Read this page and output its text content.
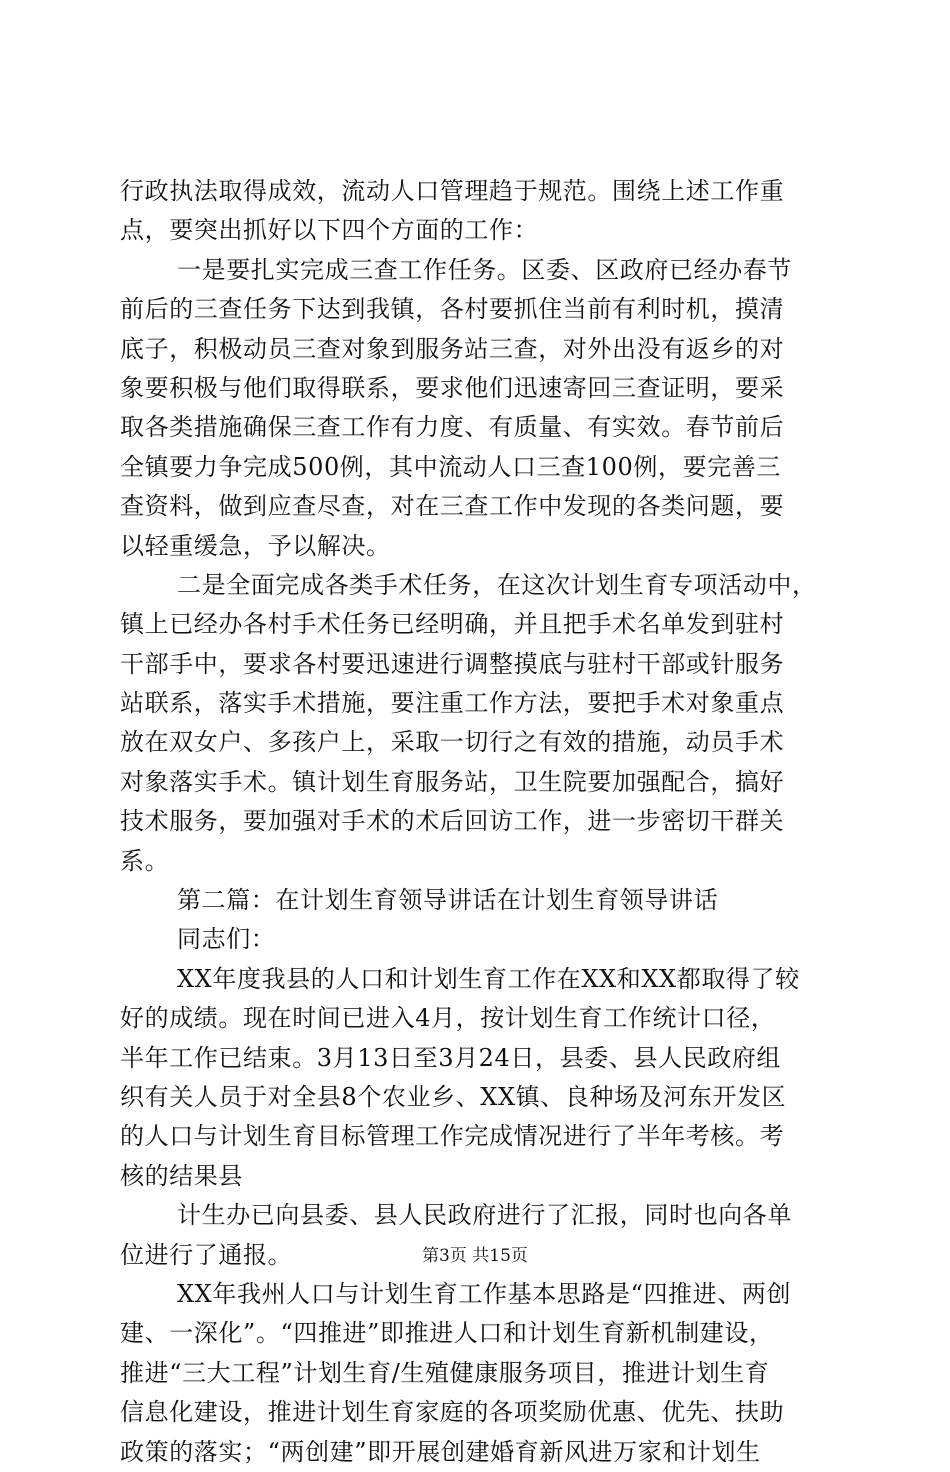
行政执法取得成效，流动人口管理趋于规范。围绕上述工作重
点，要突出抓好以下四个方面的工作：
一是要扎实完成三查工作任务。区委、区政府已经办春节
前后的三查任务下达到我镇，各村要抓住当前有利时机，摸清
底子，积极动员三查对象到服务站三查，对外出没有返乡的对
象要积极与他们取得联系，要求他们迅速寄回三查证明，要采
取各类措施确保三查工作有力度、有质量、有实效。春节前后
全镇要力争完成500例，其中流动人口三查100例，要完善三
查资料，做到应查尽查，对在三查工作中发现的各类问题，要
以轻重缓急，予以解决。
二是全面完成各类手术任务，在这次计划生育专项活动中，
镇上已经办各村手术任务已经明确，并且把手术名单发到驻村
干部手中，要求各村要迅速进行调整摸底与驻村干部或针服务
站联系，落实手术措施，要注重工作方法，要把手术对象重点
放在双女户、多孩户上，采取一切行之有效的措施，动员手术
对象落实手术。镇计划生育服务站，卫生院要加强配合，搞好
技术服务，要加强对手术的术后回访工作，进一步密切干群关
系。
第二篇：在计划生育领导讲话在计划生育领导讲话
同志们：
XX年度我县的人口和计划生育工作在XX和XX都取得了较
好的成绩。现在时间已进入4月，按计划生育工作统计口径，
半年工作已结束。3月13日至3月24日，县委、县人民政府组
织有关人员于对全县8个农业乡、XX镇、良种场及河东开发区
的人口与计划生育目标管理工作完成情况进行了半年考核。考
核的结果县
计生办已向县委、县人民政府进行了汇报，同时也向各单
位进行了通报。
XX年我州人口与计划生育工作基本思路是“四推进、两创
建、一深化”。“四推进”即推进人口和计划生育新机制建设，
推进“三大工程”计划生育/生殖健康服务项目，推进计划生育
信息化建设，推进计划生育家庭的各项奖励优惠、优先、扶助
政策的落实；“两创建”即开展创建婚育新风进万家和计划生
第3页 共15页
